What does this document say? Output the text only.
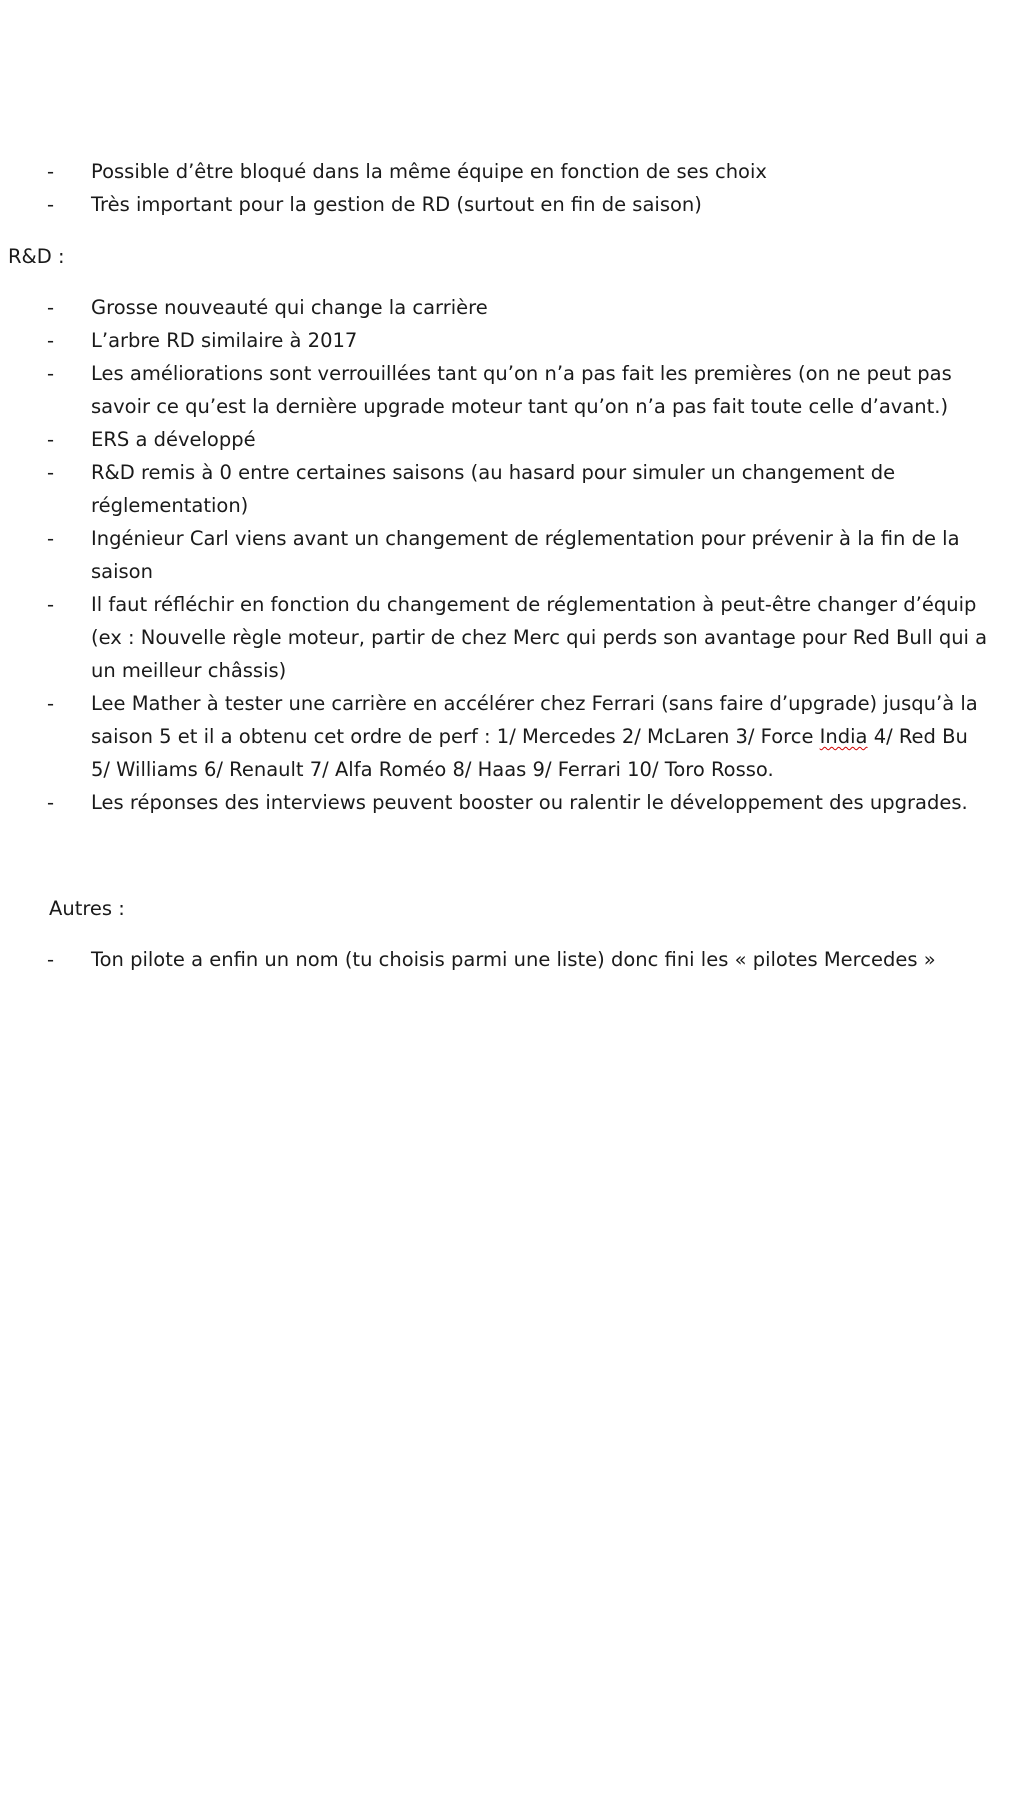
- Possible d’être bloqué dans la même équipe en fonction de ses choix
- Très important pour la gestion de RD (surtout en fin de saison)
R&D :
- Grosse nouveauté qui change la carrière
- L’arbre RD similaire à 2017
- Les améliorations sont verrouillées tant qu’on n’a pas fait les premières (on ne peut pas
savoir ce qu’est la dernière upgrade moteur tant qu’on n’a pas fait toute celle d’avant.)
- ERS a développé
- R&D remis à 0 entre certaines saisons (au hasard pour simuler un changement de
réglementation)
- Ingénieur Carl viens avant un changement de réglementation pour prévenir à la fin de la
saison
- Il faut réfléchir en fonction du changement de réglementation à peut-être changer d’équip
(ex : Nouvelle règle moteur, partir de chez Merc qui perds son avantage pour Red Bull qui a
un meilleur châssis)
- Lee Mather à tester une carrière en accélérer chez Ferrari (sans faire d’upgrade) jusqu’à la
saison 5 et il a obtenu cet ordre de perf : 1/ Mercedes 2/ McLaren 3/ Force India 4/ Red Bu
5/ Williams 6/ Renault 7/ Alfa Roméo 8/ Haas 9/ Ferrari 10/ Toro Rosso.
- Les réponses des interviews peuvent booster ou ralentir le développement des upgrades.
Autres :
- Ton pilote a enfin un nom (tu choisis parmi une liste) donc fini les « pilotes Mercedes »
